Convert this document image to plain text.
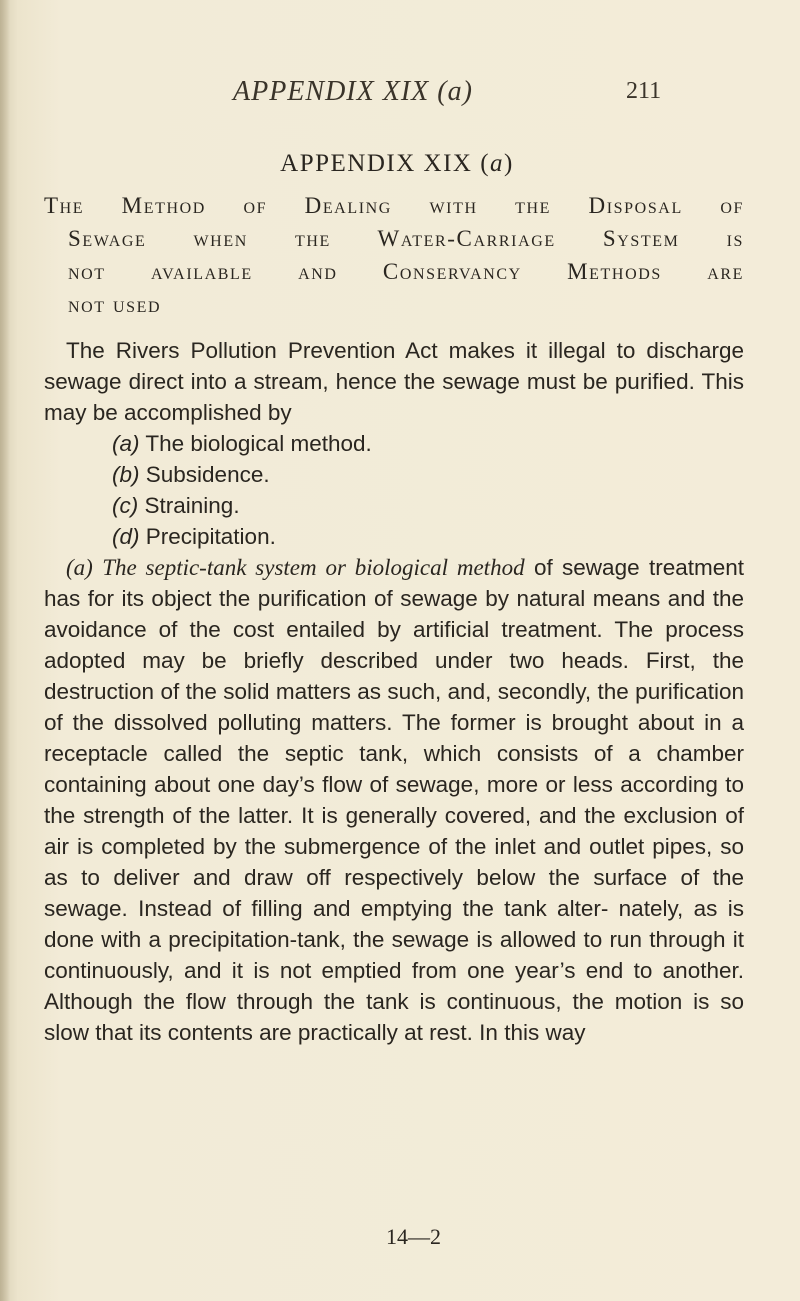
APPENDIX XIX (a)	211
APPENDIX XIX (a)
The Method of Dealing with the Disposal of
Sewage when the Water-Carriage System is
not available and Conservancy Methods are
not used

The Rivers Pollution Prevention Act makes it illegal to discharge sewage direct into a stream, hence the sewage must be purified. This may be accomplished by

(a) The biological method.
(b) Subsidence.
(c) Straining.
(d) Precipitation.

(a) The septic-tank system or biological method of sewage treatment has for its object the purification of sewage by natural means and the avoidance of the cost entailed by artificial treatment. The process adopted may be briefly described under two heads. First, the destruction of the solid matters as such, and, secondly, the purification of the dissolved polluting matters. The former is brought about in a receptacle called the septic tank, which consists of a chamber containing about one day’s flow of sewage, more or less according to the strength of the latter. It is generally covered, and the exclusion of air is completed by the submergence of the inlet and outlet pipes, so as to deliver and draw off respectively below the surface of the sewage. Instead of filling and emptying the tank alter- nately, as is done with a precipitation-tank, the sewage is allowed to run through it continuously, and it is not emptied from one year’s end to another. Although the flow through the tank is continuous, the motion is so slow that its contents are practically at rest. In this way

14—2
